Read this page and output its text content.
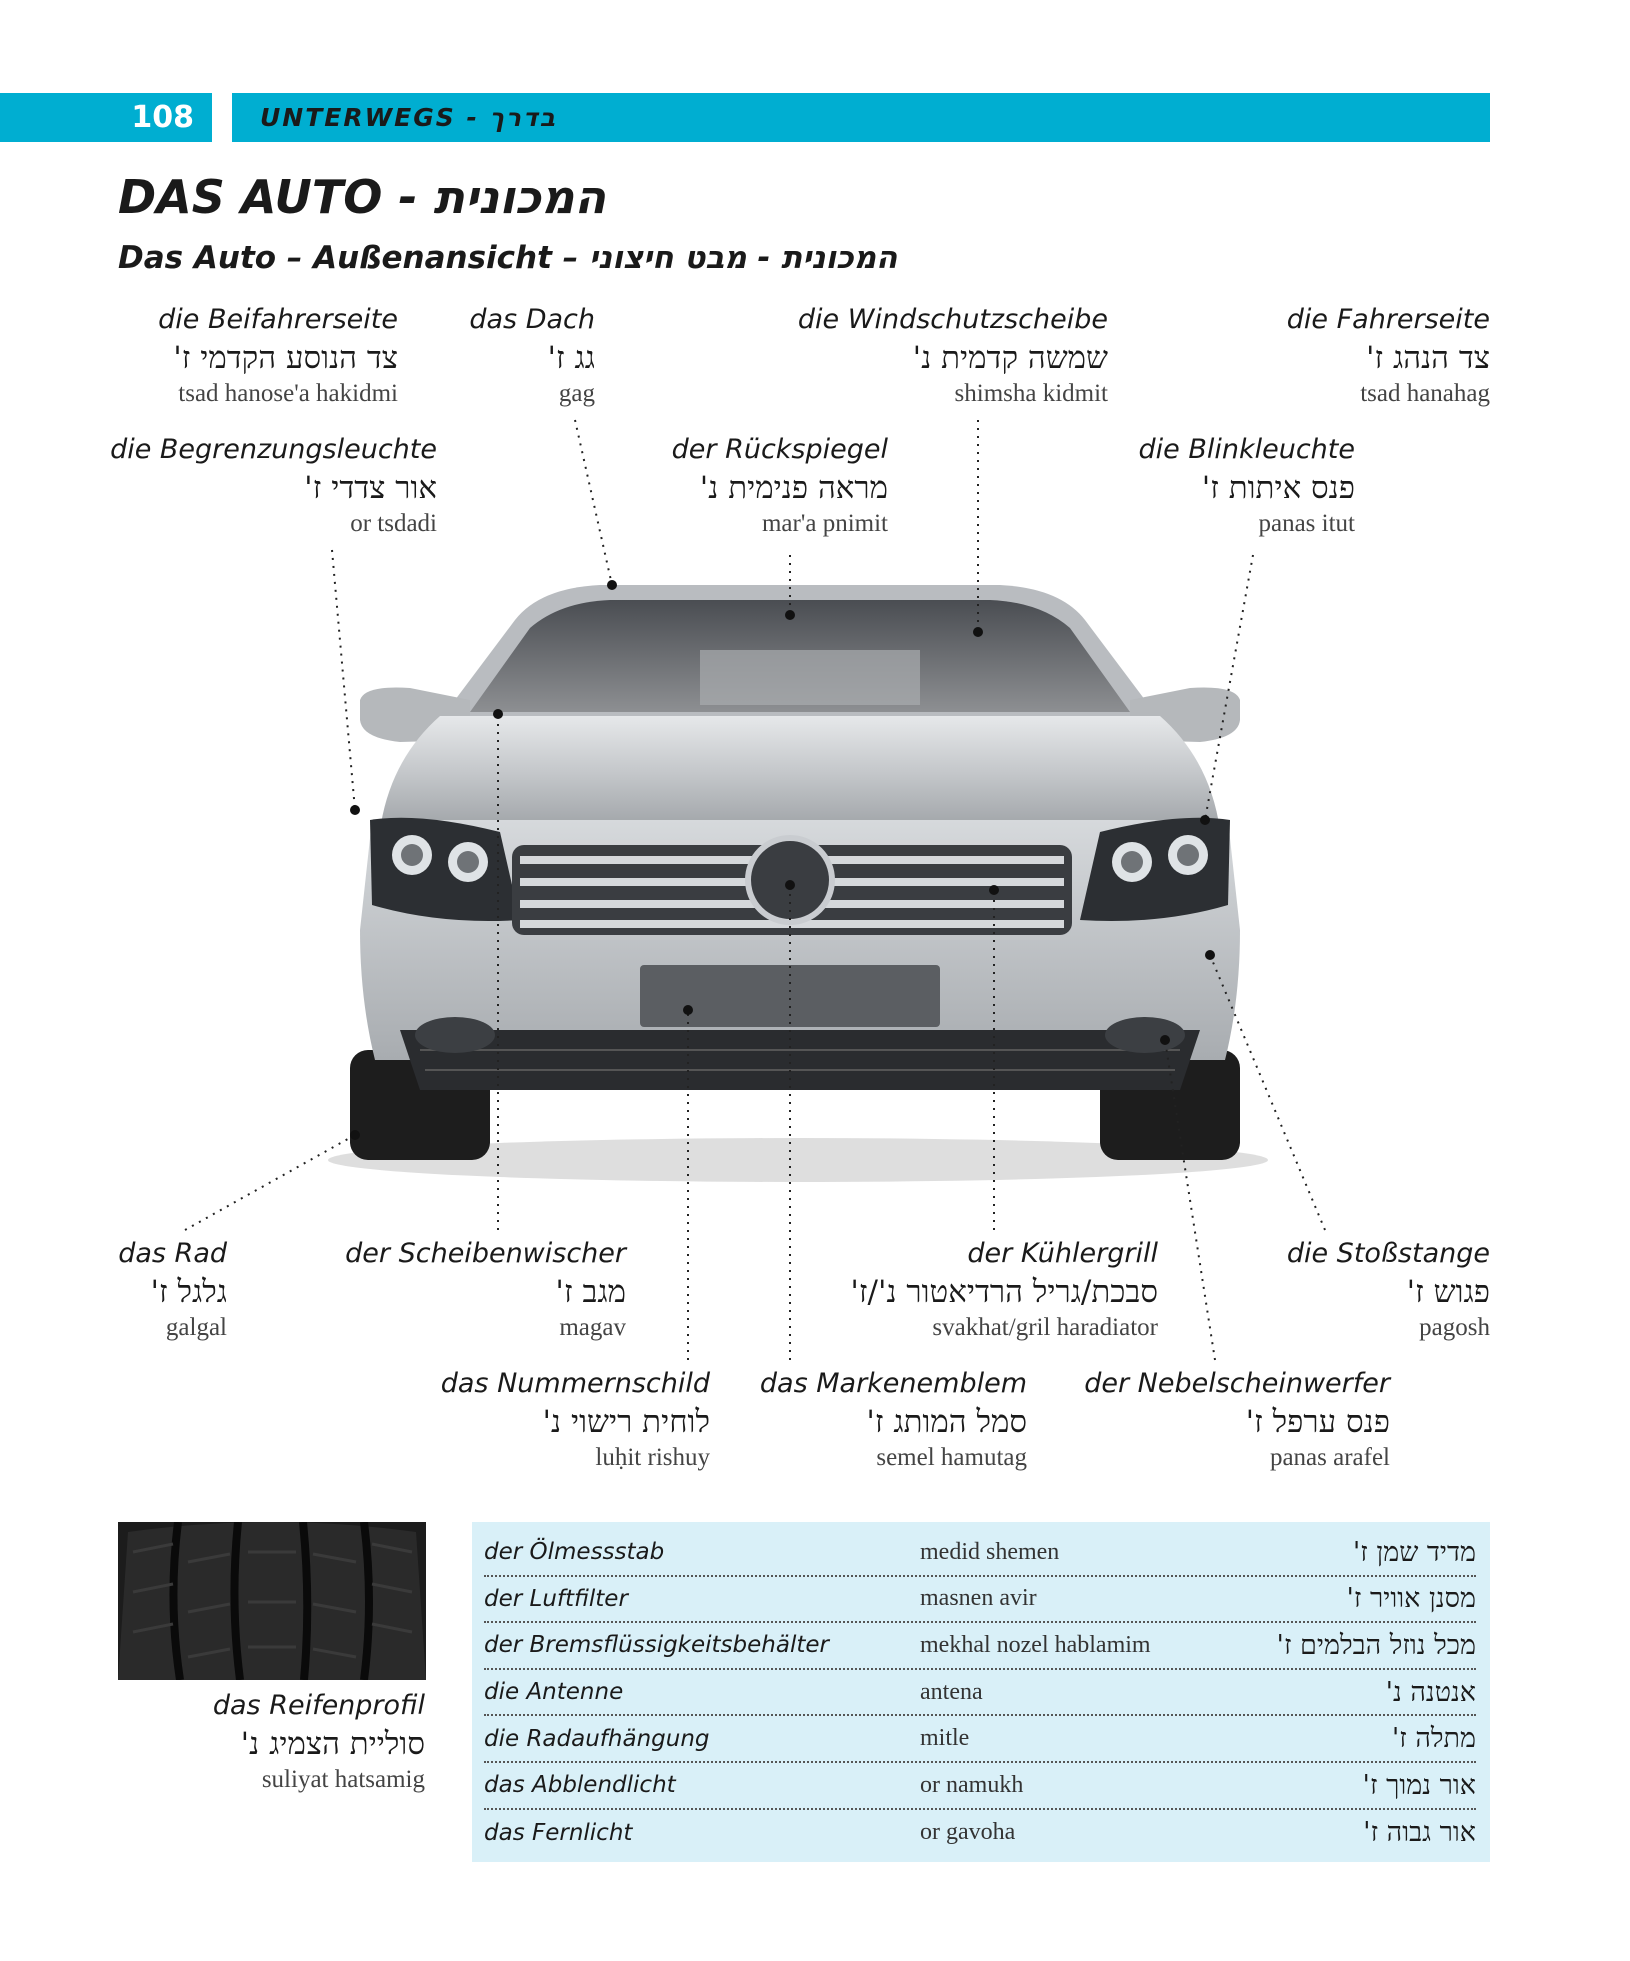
108	UNTERWEGS - בדרך
DAS AUTO - המכונית
Das Auto – Außenansicht – המכונית - מבט חיצוני
die Beifahrerseite
צד הנוסע הקדמי ז'
tsad hanose'a hakidmi
das Dach
גג ז'
gag
die Windschutzscheibe
שמשה קדמית נ'
shimsha kidmit
die Fahrerseite
צד הנהג ז'
tsad hanahag
die Begrenzungsleuchte
אור צדדי ז'
or tsdadi
der Rückspiegel
מראה פנימית נ'
mar'a pnimit
die Blinkleuchte
פנס איתות ז'
panas itut
das Rad
גלגל ז'
galgal
der Scheibenwischer
מגב ז'
magav
der Kühlergrill
סבכת/גריל הרדיאטור נ'/ז'
svakhat/gril haradiator
die Stoßstange
פגוש ז'
pagosh
das Nummernschild
לוחית רישוי נ'
luḥit rishuy
das Markenemblem
סמל המותג ז'
semel hamutag
der Nebelscheinwerfer
פנס ערפל ז'
panas arafel
das Reifenprofil
סוליית הצמיג נ'
suliyat hatsamig
der Ölmessstab	medid shemen	מדיד שמן ז'
der Luftfilter	masnen avir	מסנן אוויר ז'
der Bremsflüssigkeitsbehälter	mekhal nozel hablamim	מכל נוזל הבלמים ז'
die Antenne	antena	אנטנה נ'
die Radaufhängung	mitle	מתלה ז'
das Abblendlicht	or namukh	אור נמוך ז'
das Fernlicht	or gavoha	אור גבוה ז'
